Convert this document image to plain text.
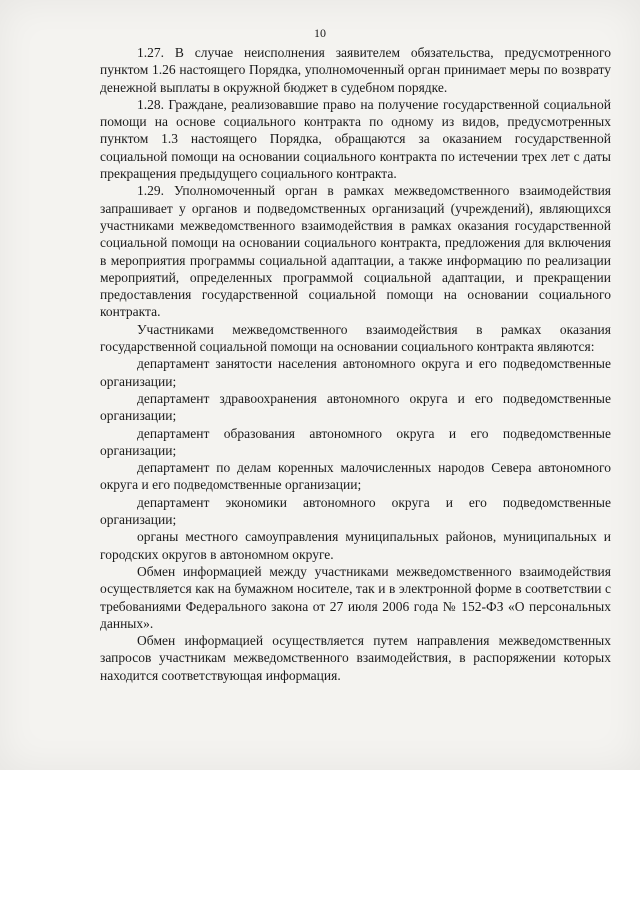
10

1.27. В случае неисполнения заявителем обязательства, предусмотренного пунктом 1.26 настоящего Порядка, уполномоченный орган принимает меры по возврату денежной выплаты в окружной бюджет в судебном порядке.

1.28. Граждане, реализовавшие право на получение государственной социальной помощи на основе социального контракта по одному из видов, предусмотренных пунктом 1.3 настоящего Порядка, обращаются за оказанием государственной социальной помощи на основании социального контракта по истечении трех лет с даты прекращения предыдущего социального контракта.

1.29. Уполномоченный орган в рамках межведомственного взаимодействия запрашивает у органов и подведомственных организаций (учреждений), являющихся участниками межведомственного взаимодействия в рамках оказания государственной социальной помощи на основании социального контракта, предложения для включения в мероприятия программы социальной адаптации, а также информацию по реализации мероприятий, определенных программой социальной адаптации, и прекращении предоставления государственной социальной помощи на основании социального контракта.

Участниками межведомственного взаимодействия в рамках оказания государственной социальной помощи на основании социального контракта являются:

департамент занятости населения автономного округа и его подведомственные организации;

департамент здравоохранения автономного округа и его подведомственные организации;

департамент образования автономного округа и его подведомственные организации;

департамент по делам коренных малочисленных народов Севера автономного округа и его подведомственные организации;

департамент экономики автономного округа и его подведомственные организации;

органы местного самоуправления муниципальных районов, муниципальных и городских округов в автономном округе.

Обмен информацией между участниками межведомственного взаимодействия осуществляется как на бумажном носителе, так и в электронной форме в соответствии с требованиями Федерального закона от 27 июля 2006 года № 152-ФЗ «О персональных данных».

Обмен информацией осуществляется путем направления межведомственных запросов участникам межведомственного взаимодействия, в распоряжении которых находится соответствующая информация.
